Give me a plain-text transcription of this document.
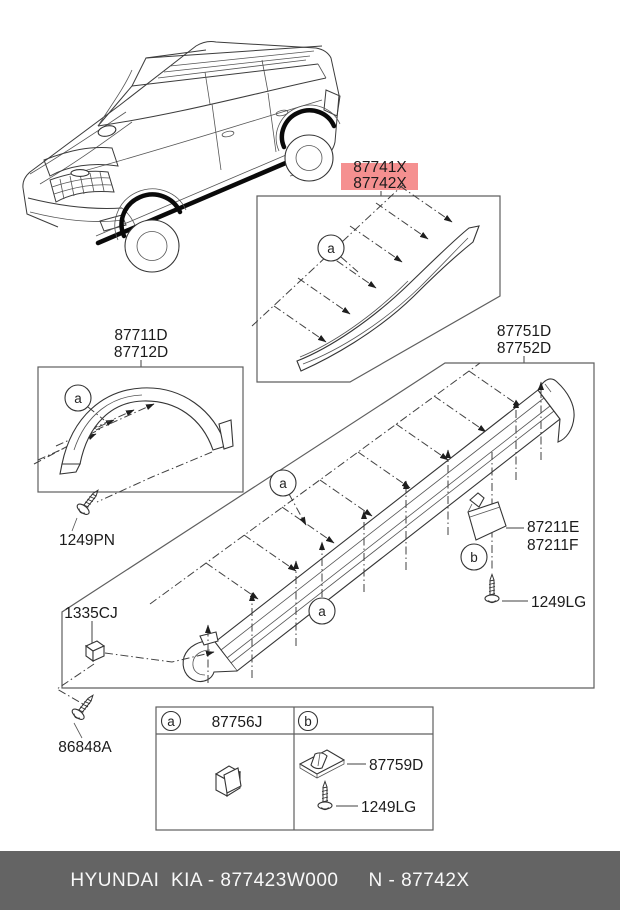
87741X
87742X
a
87711D
87712D
a
1249PN
87751D
87752D
a
a
87211E
87211F
b
1249LG
1335CJ
86848A
a 87756J	b
87759D
1249LG
HYUNDAI  KIA - 877423W000 N - 87742X
